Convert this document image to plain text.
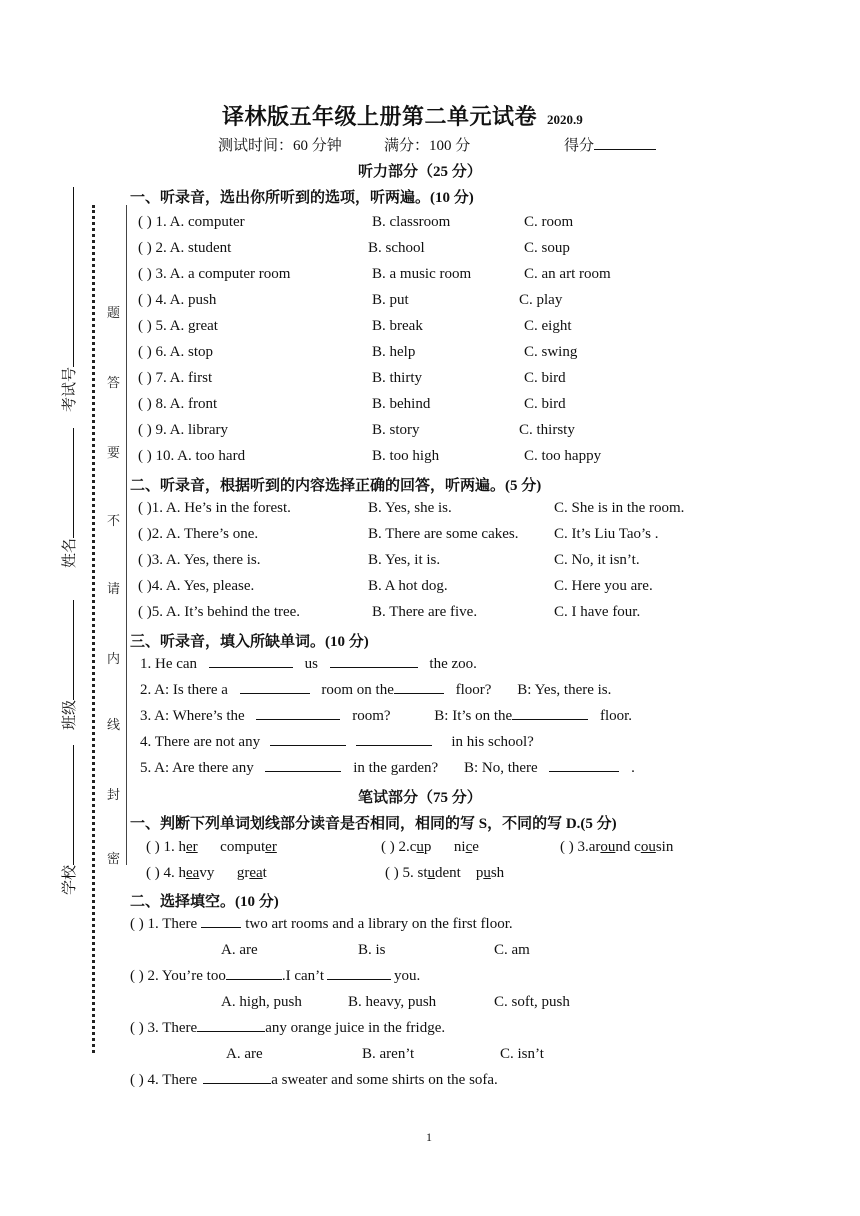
题
答
要
不
请
内
线
封
密
考试号
姓名
班级
学校
译林版五年级上册第二单元试卷 2020.9
测试时间：60 分钟	满分：100 分	得分
听力部分（25 分）
一、听录音，选出你所听到的选项，听两遍。(10 分)
( ) 1. A. computer	B. classroom	C. room
( ) 2. A. student	B. school	C. soup
( ) 3. A. a computer room	B. a music room	C. an art room
( ) 4. A. push	B. put	C. play
( ) 5. A. great	B. break	C. eight
( ) 6. A. stop	B. help	C. swing
( ) 7. A. first	B. thirty	C. bird
( ) 8. A. front	B. behind	C. bird
( ) 9. A. library	B. story	C. thirsty
( ) 10. A. too hard	B. too high	C. too happy
二、听录音，根据听到的内容选择正确的回答，听两遍。(5 分)
( )1. A. He’s in the forest.	B. Yes, she is.	C. She is in the room.
( )2. A. There’s one.	B. There are some cakes. C. It’s Liu Tao’s .
( )3. A. Yes, there is.	B. Yes, it is.	C. No, it isn’t.
( )4. A. Yes, please.	B. A hot dog.	C. Here you are.
( )5. A. It’s behind the tree.	B. There are five.	C. I have four.
三、听录音，填入所缺单词。(10 分)
1. He can	us	the zoo.
2. A: Is there a	room on the	floor? B: Yes, there is.
3. A: Where’s the	room?	B: It’s on the	floor.
4. There are not any	in his school?
5. A: Are there any	in the garden? B: No, there	.
笔试部分（75 分）
一、判断下列单词划线部分读音是否相同，相同的写 S，不同的写 D.(5 分)
( ) 1. her      computer	( ) 2.cup      nice	( ) 3.around cousin
( ) 4. heavy      great	( ) 5. student    push
二、选择填空。(10 分)
( ) 1. There	two art rooms and a library on the first floor.
A. are	B. is	C. am
( ) 2. You’re too	.I can’t	you.
A. high, push	B. heavy, push	C. soft, push
( ) 3. There	any orange juice in the fridge.
A. are	B. aren’t	C. isn’t
( ) 4. There	a sweater and some shirts on the sofa.
1
